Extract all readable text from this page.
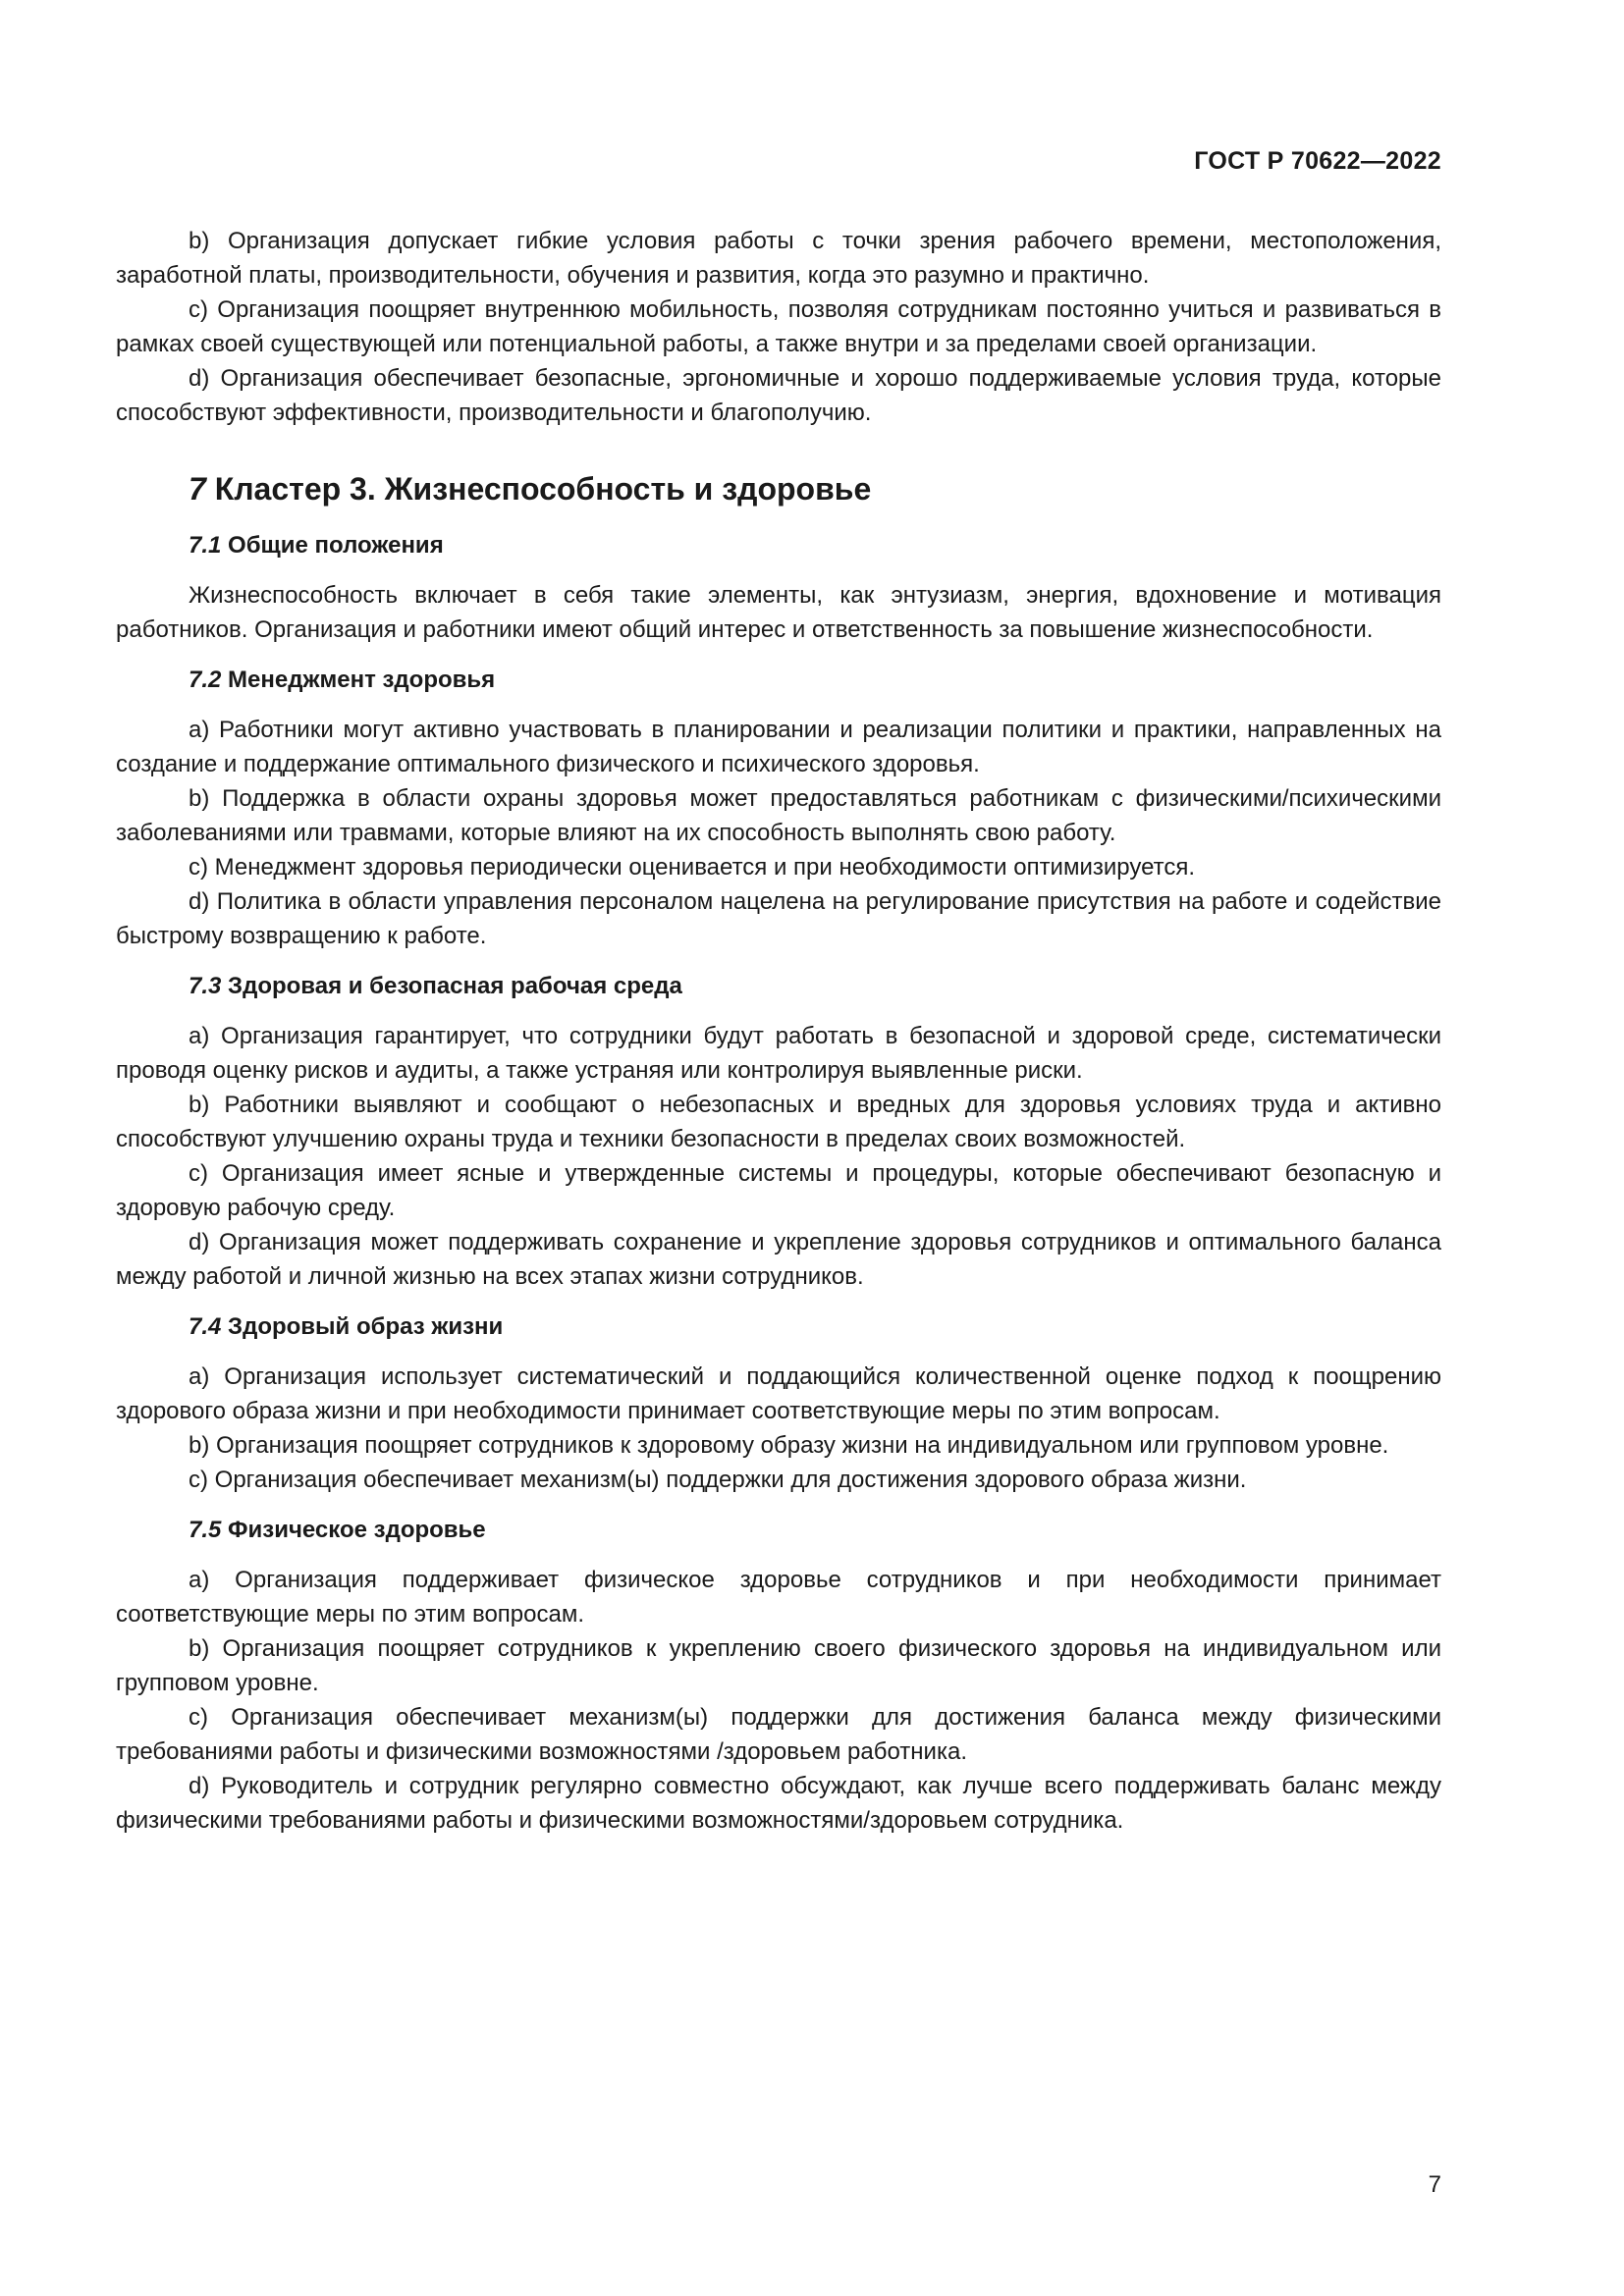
ГОСТ Р 70622—2022

b) Организация допускает гибкие условия работы с точки зрения рабочего времени, местоположения, заработной платы, производительности, обучения и развития, когда это разумно и практично.

c) Организация поощряет внутреннюю мобильность, позволяя сотрудникам постоянно учиться и развиваться в рамках своей существующей или потенциальной работы, а также внутри и за пределами своей организации.

d) Организация обеспечивает безопасные, эргономичные и хорошо поддерживаемые условия труда, которые способствуют эффективности, производительности и благополучию.

7 Кластер 3. Жизнеспособность и здоровье
7.1 Общие положения

Жизнеспособность включает в себя такие элементы, как энтузиазм, энергия, вдохновение и мотивация работников. Организация и работники имеют общий интерес и ответственность за повышение жизнеспособности.

7.2 Менеджмент здоровья

a) Работники могут активно участвовать в планировании и реализации политики и практики, направленных на создание и поддержание оптимального физического и психического здоровья.

b) Поддержка в области охраны здоровья может предоставляться работникам с физическими/психическими заболеваниями или травмами, которые влияют на их способность выполнять свою работу.

c) Менеджмент здоровья периодически оценивается и при необходимости оптимизируется.

d) Политика в области управления персоналом нацелена на регулирование присутствия на работе и содействие быстрому возвращению к работе.

7.3 Здоровая и безопасная рабочая среда

a) Организация гарантирует, что сотрудники будут работать в безопасной и здоровой среде, систематически проводя оценку рисков и аудиты, а также устраняя или контролируя выявленные риски.

b) Работники выявляют и сообщают о небезопасных и вредных для здоровья условиях труда и активно способствуют улучшению охраны труда и техники безопасности в пределах своих возможностей.

c) Организация имеет ясные и утвержденные системы и процедуры, которые обеспечивают безопасную и здоровую рабочую среду.

d) Организация может поддерживать сохранение и укрепление здоровья сотрудников и оптимального баланса между работой и личной жизнью на всех этапах жизни сотрудников.

7.4 Здоровый образ жизни

a) Организация использует систематический и поддающийся количественной оценке подход к поощрению здорового образа жизни и при необходимости принимает соответствующие меры по этим вопросам.

b) Организация поощряет сотрудников к здоровому образу жизни на индивидуальном или групповом уровне.

c) Организация обеспечивает механизм(ы) поддержки для достижения здорового образа жизни.

7.5 Физическое здоровье

a) Организация поддерживает физическое здоровье сотрудников и при необходимости принимает соответствующие меры по этим вопросам.

b) Организация поощряет сотрудников к укреплению своего физического здоровья на индивидуальном или групповом уровне.

c) Организация обеспечивает механизм(ы) поддержки для достижения баланса между физическими требованиями работы и физическими возможностями /здоровьем работника.

d) Руководитель и сотрудник регулярно совместно обсуждают, как лучше всего поддерживать баланс между физическими требованиями работы и физическими возможностями/здоровьем сотрудника.

7
